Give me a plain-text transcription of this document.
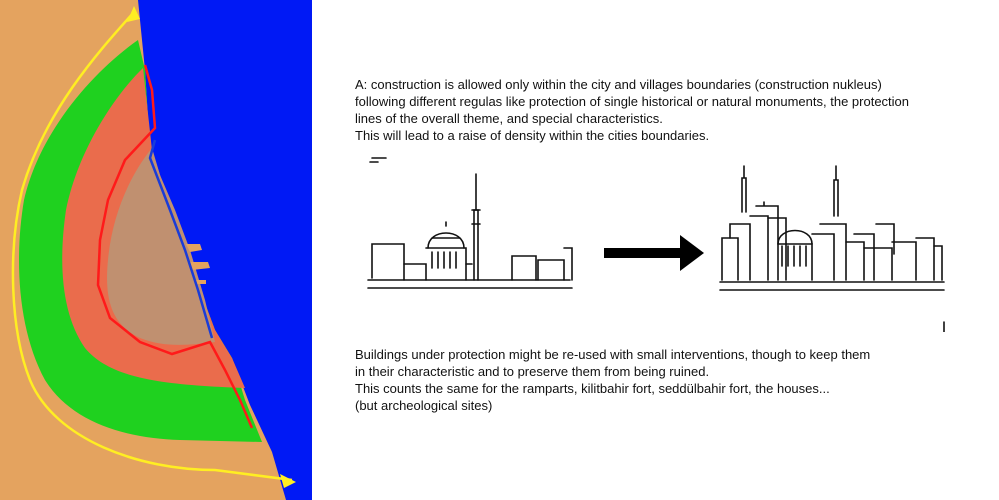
A: construction is allowed only within the city and villages boundaries (construction nukleus)
following different regulas like protection of single historical or natural monuments, the protection
lines of the overall theme, and special characteristics.
This will lead to a raise of density within the cities boundaries.
Buildings under protection might be re-used with small interventions, though to keep them
in their characteristic and to preserve them from being ruined.
This counts the same for the ramparts, kilitbahir fort, seddülbahir fort, the houses...
(but archeological sites)
